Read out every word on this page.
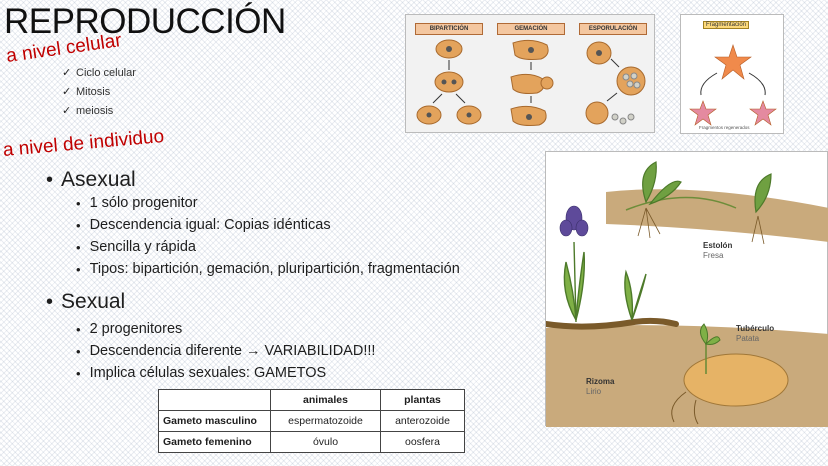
REPRODUCCIÓN
a nivel celular
✓ Ciclo celular
✓ Mitosis
✓ meiosis
a nivel de individuo
• Asexual
• 1 sólo progenitor
• Descendencia igual: Copias idénticas
• Sencilla y rápida
• Tipos: bipartición, gemación, pluripartición, fragmentación
• Sexual
• 2 progenitores
• Descendencia diferente → VARIABILIDAD!!!
• Implica células sexuales: GAMETOS
	animales	plantas
Gameto masculino	espermatozoide	anterozoide
Gameto femenino	óvulo	oosfera
BIPARTICIÓN	GEMACIÓN	ESPORULACIÓN
Fragmentación
Fragmentos regenerados
Estolón
Fresa
Tubérculo
Patata
Rizoma
Lirio
